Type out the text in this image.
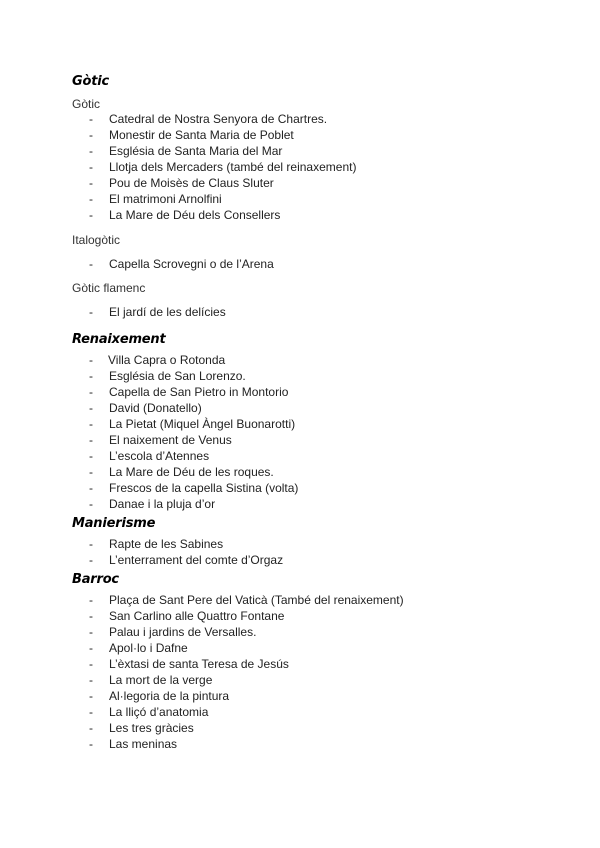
Gòtic
Gòtic
- Catedral de Nostra Senyora de Chartres.
- Monestir de Santa Maria de Poblet
- Església de Santa Maria del Mar
- Llotja dels Mercaders (també del reinaxement)
- Pou de Moisès de Claus Sluter
- El matrimoni Arnolfini
- La Mare de Déu dels Consellers
Italogòtic
- Capella Scrovegni o de l’Arena
Gòtic flamenc
- El jardí de les delícies
Renaixement
- Villa Capra o Rotonda
- Església de San Lorenzo.
- Capella de San Pietro in Montorio
- David (Donatello)
- La Pietat (Miquel Àngel Buonarotti)
- El naixement de Venus
- L’escola d’Atennes
- La Mare de Déu de les roques.
- Frescos de la capella Sistina (volta)
- Danae i la pluja d’or
Manierisme
- Rapte de les Sabines
- L’enterrament del comte d’Orgaz
Barroc
- Plaça de Sant Pere del Vaticà (També del renaixement)
- San Carlino alle Quattro Fontane
- Palau i jardins de Versalles.
- Apol·lo i Dafne
- L’èxtasi de santa Teresa de Jesús
- La mort de la verge
- Al·legoria de la pintura
- La lliçó d’anatomia
- Les tres gràcies
- Las meninas
